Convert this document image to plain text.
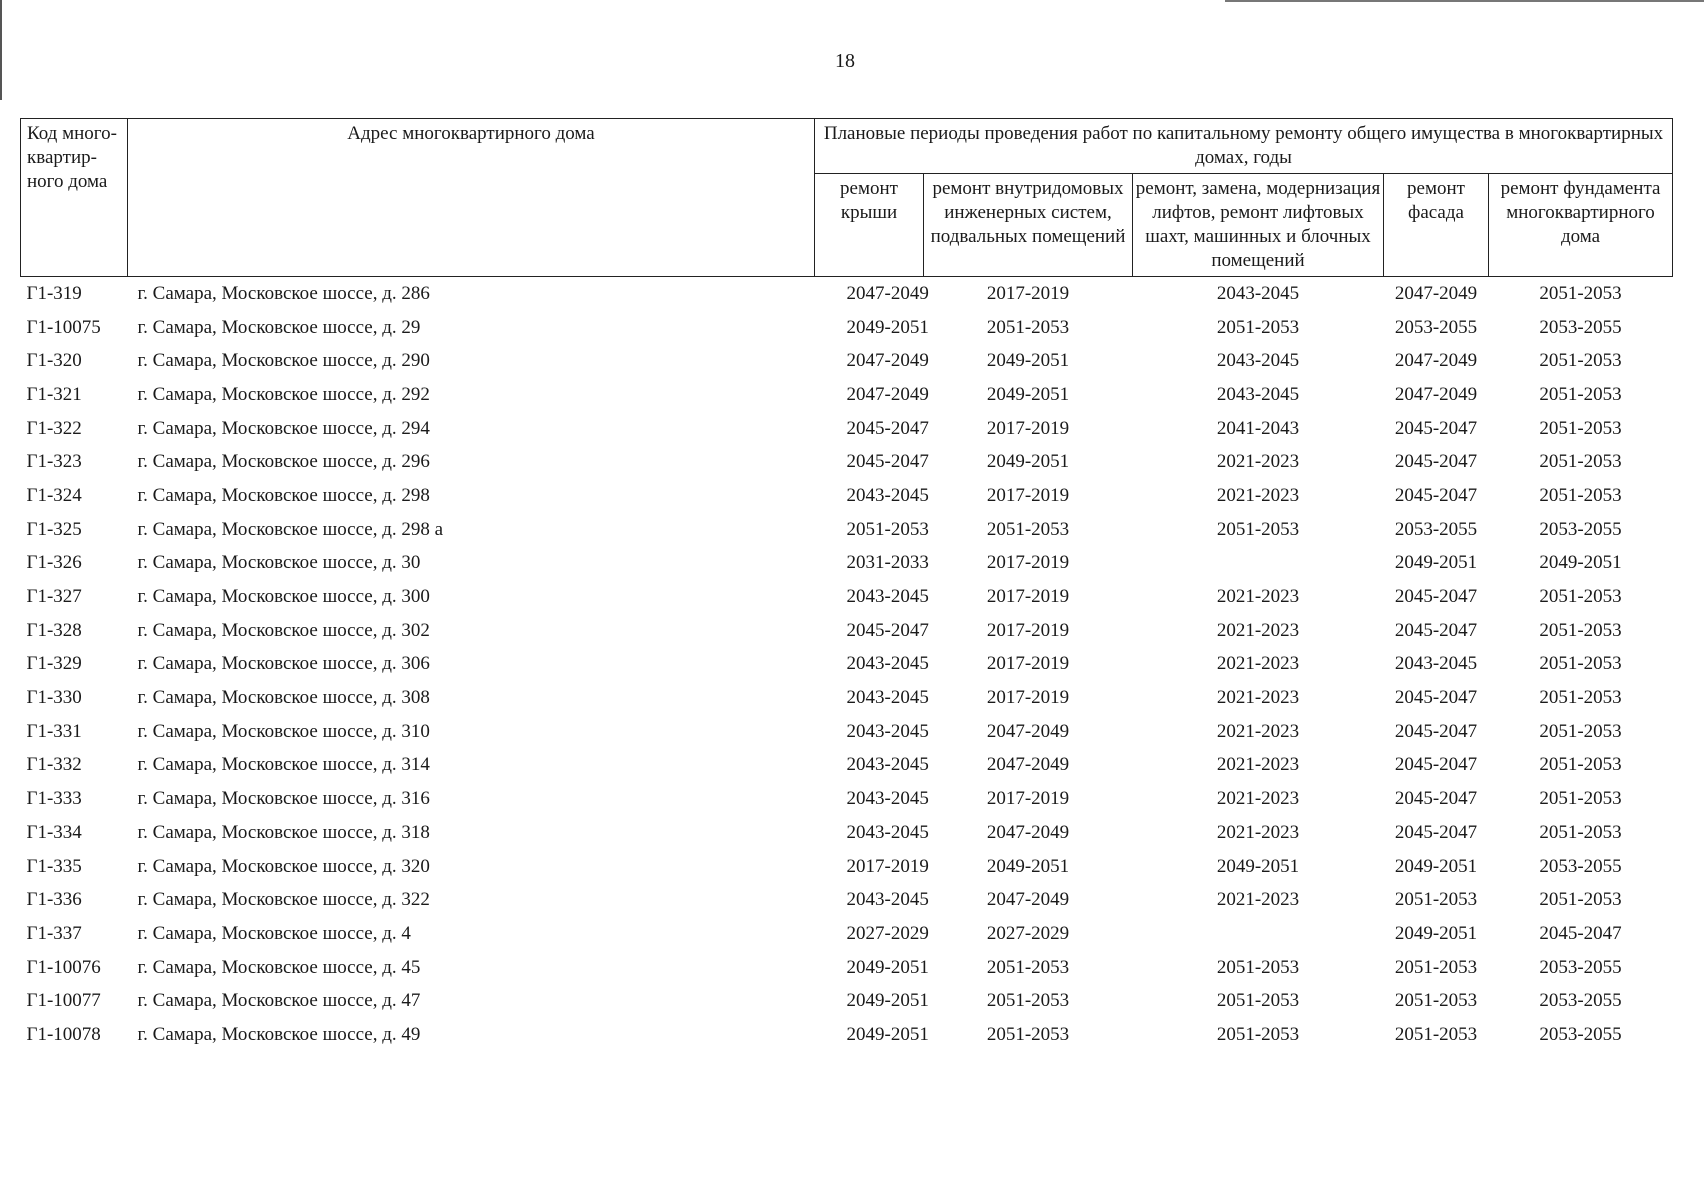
18
Код много-квартир-ного дома	Адрес многоквартирного дома	Плановые периоды проведения работ по капитальному ремонту общего имущества в многоквартирных домах, годы				
		ремонт крыши	ремонт внутридомовых инженерных систем, подвальных помещений	ремонт, замена, модернизация лифтов, ремонт лифтовых шахт, машинных и блочных помещений	ремонт фасада	ремонт фундамента многоквартирного дома
Г1-319	г. Самара, Московское шоссе, д. 286	2047-2049	2017-2019	2043-2045	2047-2049	2051-2053
Г1-10075	г. Самара, Московское шоссе, д. 29	2049-2051	2051-2053	2051-2053	2053-2055	2053-2055
Г1-320	г. Самара, Московское шоссе, д. 290	2047-2049	2049-2051	2043-2045	2047-2049	2051-2053
Г1-321	г. Самара, Московское шоссе, д. 292	2047-2049	2049-2051	2043-2045	2047-2049	2051-2053
Г1-322	г. Самара, Московское шоссе, д. 294	2045-2047	2017-2019	2041-2043	2045-2047	2051-2053
Г1-323	г. Самара, Московское шоссе, д. 296	2045-2047	2049-2051	2021-2023	2045-2047	2051-2053
Г1-324	г. Самара, Московское шоссе, д. 298	2043-2045	2017-2019	2021-2023	2045-2047	2051-2053
Г1-325	г. Самара, Московское шоссе, д. 298 а	2051-2053	2051-2053	2051-2053	2053-2055	2053-2055
Г1-326	г. Самара, Московское шоссе, д. 30	2031-2033	2017-2019		2049-2051	2049-2051
Г1-327	г. Самара, Московское шоссе, д. 300	2043-2045	2017-2019	2021-2023	2045-2047	2051-2053
Г1-328	г. Самара, Московское шоссе, д. 302	2045-2047	2017-2019	2021-2023	2045-2047	2051-2053
Г1-329	г. Самара, Московское шоссе, д. 306	2043-2045	2017-2019	2021-2023	2043-2045	2051-2053
Г1-330	г. Самара, Московское шоссе, д. 308	2043-2045	2017-2019	2021-2023	2045-2047	2051-2053
Г1-331	г. Самара, Московское шоссе, д. 310	2043-2045	2047-2049	2021-2023	2045-2047	2051-2053
Г1-332	г. Самара, Московское шоссе, д. 314	2043-2045	2047-2049	2021-2023	2045-2047	2051-2053
Г1-333	г. Самара, Московское шоссе, д. 316	2043-2045	2017-2019	2021-2023	2045-2047	2051-2053
Г1-334	г. Самара, Московское шоссе, д. 318	2043-2045	2047-2049	2021-2023	2045-2047	2051-2053
Г1-335	г. Самара, Московское шоссе, д. 320	2017-2019	2049-2051	2049-2051	2049-2051	2053-2055
Г1-336	г. Самара, Московское шоссе, д. 322	2043-2045	2047-2049	2021-2023	2051-2053	2051-2053
Г1-337	г. Самара, Московское шоссе, д. 4	2027-2029	2027-2029		2049-2051	2045-2047
Г1-10076	г. Самара, Московское шоссе, д. 45	2049-2051	2051-2053	2051-2053	2051-2053	2053-2055
Г1-10077	г. Самара, Московское шоссе, д. 47	2049-2051	2051-2053	2051-2053	2051-2053	2053-2055
Г1-10078	г. Самара, Московское шоссе, д. 49	2049-2051	2051-2053	2051-2053	2051-2053	2053-2055
